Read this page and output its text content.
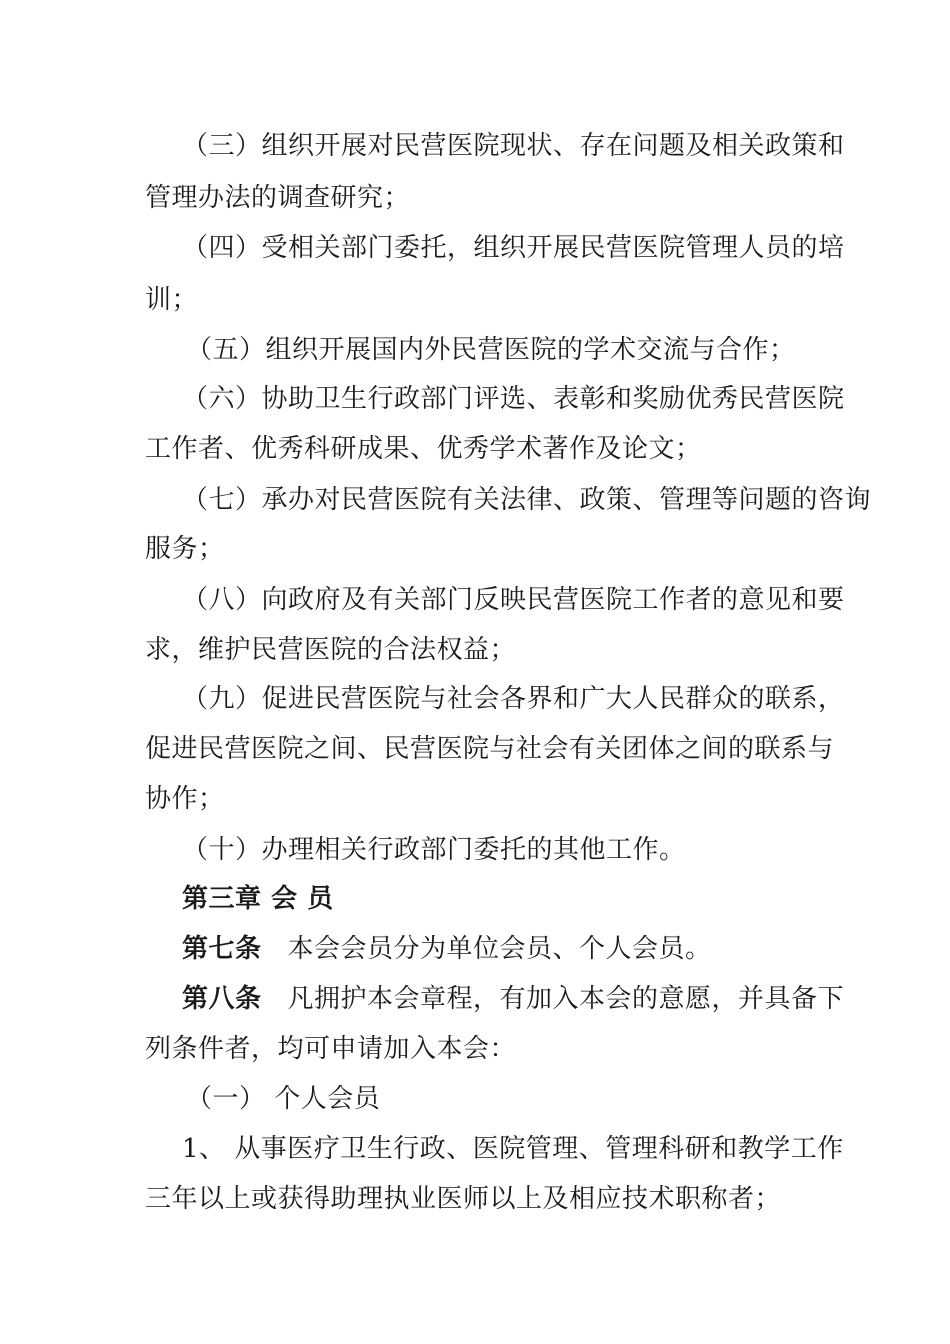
（三）组织开展对民营医院现状、存在问题及相关政策和
管理办法的调查研究；
（四）受相关部门委托，组织开展民营医院管理人员的培
训；
（五）组织开展国内外民营医院的学术交流与合作；
（六）协助卫生行政部门评选、表彰和奖励优秀民营医院
工作者、优秀科研成果、优秀学术著作及论文；
（七）承办对民营医院有关法律、政策、管理等问题的咨询
服务；
（八）向政府及有关部门反映民营医院工作者的意见和要
求，维护民营医院的合法权益；
（九）促进民营医院与社会各界和广大人民群众的联系，
促进民营医院之间、民营医院与社会有关团体之间的联系与
协作；
（十）办理相关行政部门委托的其他工作。
第三章 会 员
第七条 本会会员分为单位会员、个人会员。
第八条 凡拥护本会章程，有加入本会的意愿，并具备下
列条件者，均可申请加入本会：
（一） 个人会员
1、 从事医疗卫生行政、医院管理、管理科研和教学工作
三年以上或获得助理执业医师以上及相应技术职称者；
